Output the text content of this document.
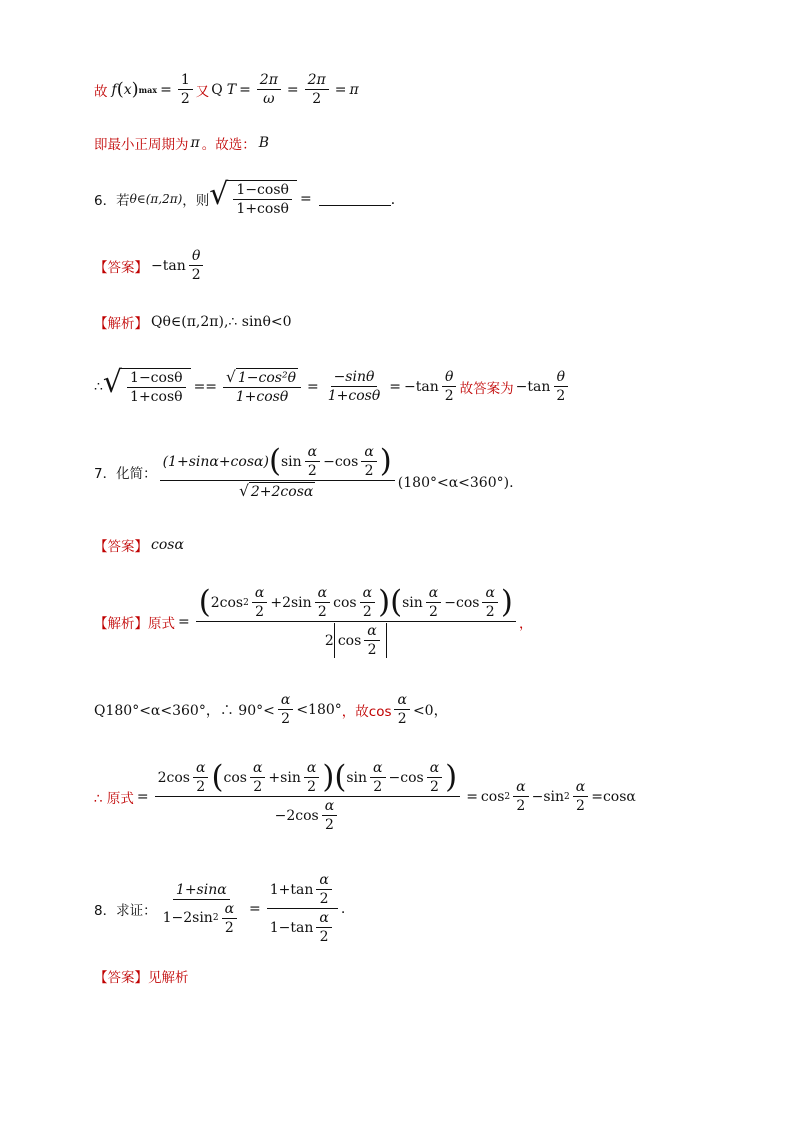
故 f ( x ) $\max = \frac{1}{2}$ 又 Q $T = \frac{2\pi}{\omega} = \frac{2\pi}{2} = \pi$
即最小正周期为 π 。故选： B
6．若 θ∈(π,2π) ，则 √ $\frac{1-\cos\theta}{1+\cos\theta}$ =	．
【答案】 $-\tan \frac{\theta}{2}$
【解析】 Qθ∈(π,2π),∴ sinθ<0
∴ √ $\frac{1-\cos\theta}{1+\cos\theta} == \frac{\text{√ 1−cos²θ}}{1+\cos\theta} = \frac{-\sin\theta}{1+\cos\theta} = -\tan \frac{\theta}{2}$ 故答案为 $-\tan \frac{\theta}{2}$
7．化简：
(1+sinα+cosα) ( $\sin \frac{\alpha}{2} - \cos \frac{\alpha}{2}$ )
√ 2+2cosα
(180°<α<360°) .
【答案】 cosα
【解析】原式 =
( 2cos $2 \frac{\alpha}{2} + 2\sin \frac{\alpha}{2}$ $\cos \frac{\alpha}{2}$ ) ( $\sin \frac{\alpha}{2} - \cos \frac{\alpha}{2}$ )
2 $\cos \frac{\alpha}{2}$	，
Q180°<α<360°，∴ $90^\circ< \frac{\alpha}{2} <180^\circ$ ，故$\cos \frac{\alpha}{2} <0$，
∴ 原式 =
$2\cos \frac{\alpha}{2}$ ( $\cos \frac{\alpha}{2} + \sin \frac{\alpha}{2}$ ) ( $\sin \frac{\alpha}{2} - \cos \frac{\alpha}{2}$ )
$-2\cos \frac{\alpha}{2}$
= $\cos 2 \frac{\alpha}{2} - \sin 2 \frac{\alpha}{2} =\cos\alpha$
8．求证： $\frac{1+\sin\alpha}{1-2\sin 2 \frac{\alpha}{2}} = \frac{1+\tan \frac{\alpha}{2}}{1-\tan \frac{\alpha}{2}}$ .
【答案】 见解析
